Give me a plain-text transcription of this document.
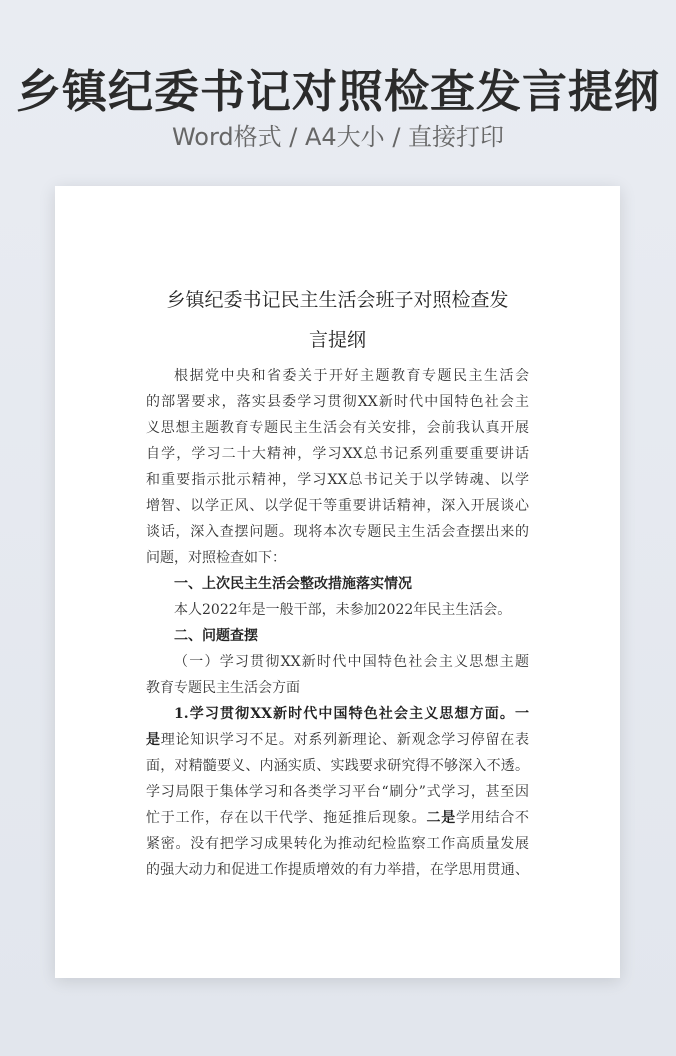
乡镇纪委书记对照检查发言提纲
Word格式 / A4大小 / 直接打印
乡镇纪委书记民主生活会班子对照检查发
言提纲
根据党中央和省委关于开好主题教育专题民主生活会
的部署要求，落实县委学习贯彻XX新时代中国特色社会主
义思想主题教育专题民主生活会有关安排，会前我认真开展
自学，学习二十大精神，学习XX总书记系列重要重要讲话
和重要指示批示精神，学习XX总书记关于以学铸魂、以学
增智、以学正风、以学促干等重要讲话精神，深入开展谈心
谈话，深入查摆问题。现将本次专题民主生活会查摆出来的
问题，对照检查如下：
一、上次民主生活会整改措施落实情况
本人2022年是一般干部，未参加2022年民主生活会。
二、问题查摆
（一）学习贯彻XX新时代中国特色社会主义思想主题
教育专题民主生活会方面
1.学习贯彻XX新时代中国特色社会主义思想方面。一
是理论知识学习不足。对系列新理论、新观念学习停留在表
面，对精髓要义、内涵实质、实践要求研究得不够深入不透。
学习局限于集体学习和各类学习平台“刷分”式学习，甚至因
忙于工作，存在以干代学、拖延推后现象。二是学用结合不
紧密。没有把学习成果转化为推动纪检监察工作高质量发展
的强大动力和促进工作提质增效的有力举措，在学思用贯通、
